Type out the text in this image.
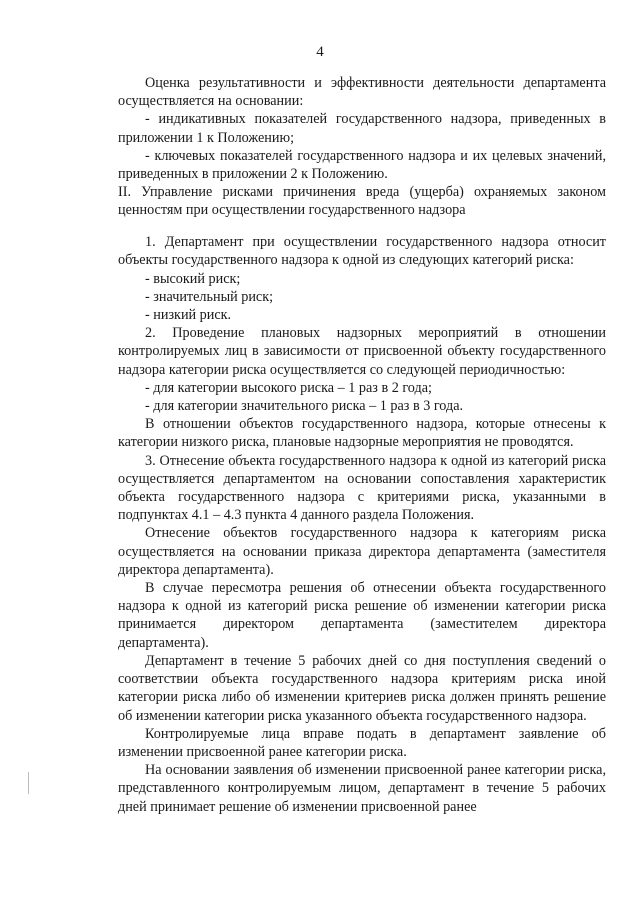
4

Оценка результативности и эффективности деятельности департамента осуществляется на основании:

- индикативных показателей государственного надзора, приведенных в приложении 1 к Положению;

- ключевых показателей государственного надзора и их целевых значений, приведенных в приложении 2 к Положению.

II. Управление рисками причинения вреда (ущерба) охраняемых законом ценностям при осуществлении государственного надзора

1. Департамент при осуществлении государственного надзора относит объекты государственного надзора к одной из следующих категорий риска:

- высокий риск;
- значительный риск;
- низкий риск.

2. Проведение плановых надзорных мероприятий в отношении контролируемых лиц в зависимости от присвоенной объекту государственного надзора категории риска осуществляется со следующей периодичностью:

- для категории высокого риска – 1 раз в 2 года;
- для категории значительного риска – 1 раз в 3 года.

В отношении объектов государственного надзора, которые отнесены к категории низкого риска, плановые надзорные мероприятия не проводятся.

3. Отнесение объекта государственного надзора к одной из категорий риска осуществляется департаментом на основании сопоставления характеристик объекта государственного надзора с критериями риска, указанными в подпунктах 4.1 – 4.3 пункта 4 данного раздела Положения.

Отнесение объектов государственного надзора к категориям риска осуществляется на основании приказа директора департамента (заместителя директора департамента).

В случае пересмотра решения об отнесении объекта государственного надзора к одной из категорий риска решение об изменении категории риска принимается директором департамента (заместителем директора департамента).

Департамент в течение 5 рабочих дней со дня поступления сведений о соответствии объекта государственного надзора критериям риска иной категории риска либо об изменении критериев риска должен принять решение об изменении категории риска указанного объекта государственного надзора.

Контролируемые лица вправе подать в департамент заявление об изменении присвоенной ранее категории риска.

На основании заявления об изменении присвоенной ранее категории риска, представленного контролируемым лицом, департамент в течение 5 рабочих дней принимает решение об изменении присвоенной ранее
